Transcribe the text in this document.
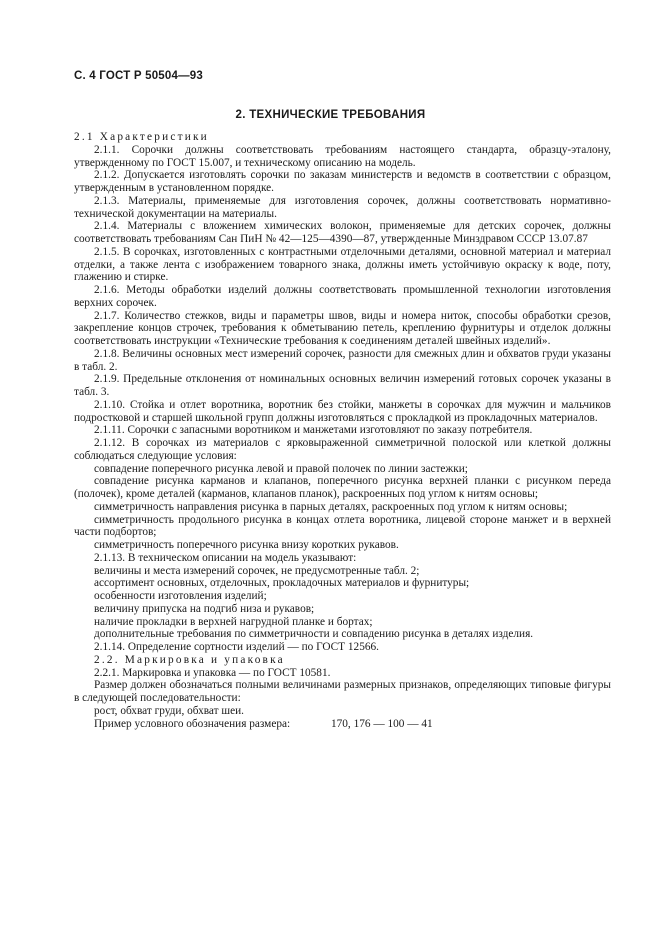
С. 4 ГОСТ Р 50504—93
2. ТЕХНИЧЕСКИЕ ТРЕБОВАНИЯ
2.1 Характеристики
2.1.1. Сорочки должны соответствовать требованиям настоящего стандарта, образцу-эталону, утвержденному по ГОСТ 15.007, и техническому описанию на модель.
2.1.2. Допускается изготовлять сорочки по заказам министерств и ведомств в соответствии с образцом, утвержденным в установленном порядке.
2.1.3. Материалы, применяемые для изготовления сорочек, должны соответствовать нормативно-технической документации на материалы.
2.1.4. Материалы с вложением химических волокон, применяемые для детских сорочек, должны соответствовать требованиям Сан ПиН № 42—125—4390—87, утвержденные Минздравом СССР 13.07.87
2.1.5. В сорочках, изготовленных с контрастными отделочными деталями, основной материал и материал отделки, а также лента с изображением товарного знака, должны иметь устойчивую окраску к воде, поту, глажению и стирке.
2.1.6. Методы обработки изделий должны соответствовать промышленной технологии изготовления верхних сорочек.
2.1.7. Количество стежков, виды и параметры швов, виды и номера ниток, способы обработки срезов, закрепление концов строчек, требования к обметыванию петель, креплению фурнитуры и отделок должны соответствовать инструкции «Технические требования к соединениям деталей швейных изделий».
2.1.8. Величины основных мест измерений сорочек, разности для смежных длин и обхватов груди указаны в табл. 2.
2.1.9. Предельные отклонения от номинальных основных величин измерений готовых сорочек указаны в табл. 3.
2.1.10. Стойка и отлет воротника, воротник без стойки, манжеты в сорочках для мужчин и мальчиков подростковой и старшей школьной групп должны изготовляться с прокладкой из прокладочных материалов.
2.1.11. Сорочки с запасными воротником и манжетами изготовляют по заказу потребителя.
2.1.12. В сорочках из материалов с ярковыраженной симметричной полоской или клеткой должны соблюдаться следующие условия:
совпадение поперечного рисунка левой и правой полочек по линии застежки;
совпадение рисунка карманов и клапанов, поперечного рисунка верхней планки с рисунком переда (полочек), кроме деталей (карманов, клапанов планок), раскроенных под углом к нитям основы;
симметричность направления рисунка в парных деталях, раскроенных под углом к нитям основы;
симметричность продольного рисунка в концах отлета воротника, лицевой стороне манжет и в верхней части подбортов;
симметричность поперечного рисунка внизу коротких рукавов.
2.1.13. В техническом описании на модель указывают:
величины и места измерений сорочек, не предусмотренные табл. 2;
ассортимент основных, отделочных, прокладочных материалов и фурнитуры;
особенности изготовления изделий;
величину припуска на подгиб низа и рукавов;
наличие прокладки в верхней нагрудной планке и бортах;
дополнительные требования по симметричности и совпадению рисунка в деталях изделия.
2.1.14. Определение сортности изделий — по ГОСТ 12566.
2.2. Маркировка и упаковка
2.2.1. Маркировка и упаковка — по ГОСТ 10581.
Размер должен обозначаться полными величинами размерных признаков, определяющих типовые фигуры в следующей последовательности:
рост, обхват груди, обхват шеи.
Пример условного обозначения размера:	170, 176 — 100 — 41
